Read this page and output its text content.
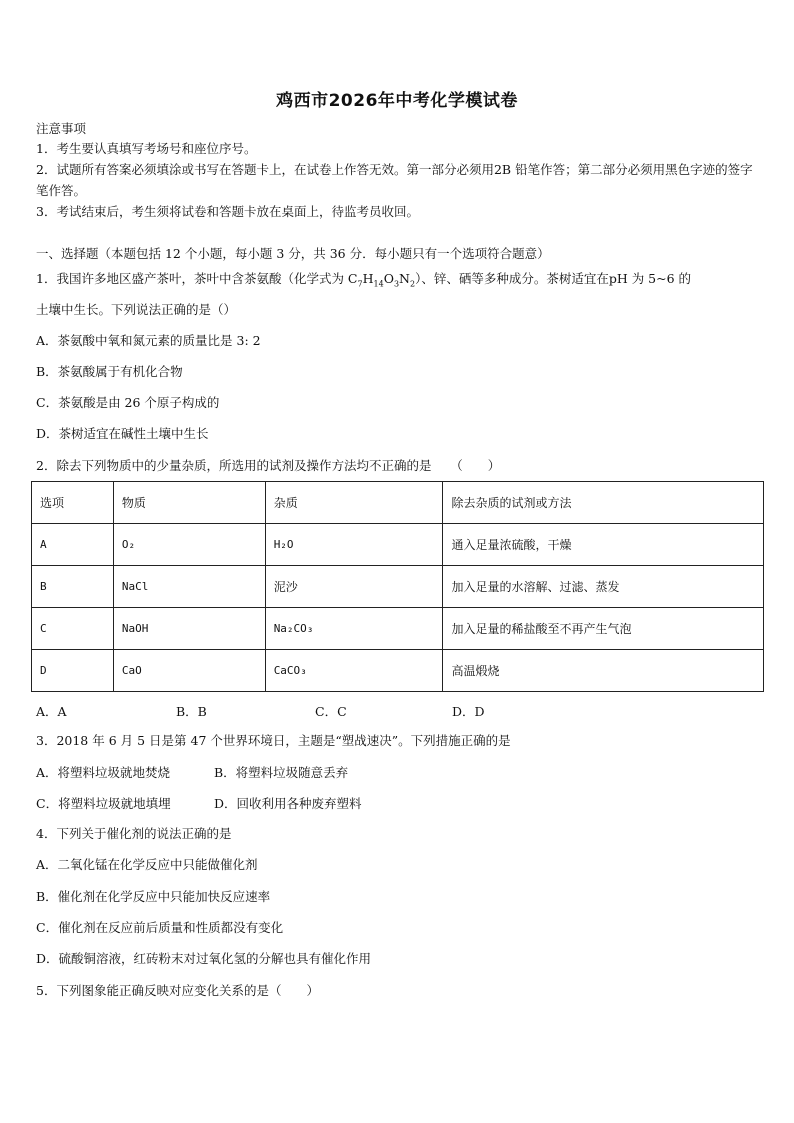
鸡西市2026年中考化学模试卷
注意事项
1．考生要认真填写考场号和座位序号。
2．试题所有答案必须填涂或书写在答题卡上，在试卷上作答无效。第一部分必须用2B 铅笔作答；第二部分必须用黑色字迹的签字笔作答。
3．考试结束后，考生须将试卷和答题卡放在桌面上，待监考员收回。
一、选择题（本题包括 12 个小题，每小题 3 分，共 36 分．每小题只有一个选项符合题意）
1．我国许多地区盛产茶叶，茶叶中含茶氨酸（化学式为 $C_7H_{14}O_3N_2$）、锌、硒等多种成分。茶树适宜在pH 为 5~6 的
土壤中生长。下列说法正确的是（）
A．茶氨酸中氧和氮元素的质量比是 3: 2
B．茶氨酸属于有机化合物
C．茶氨酸是由 26 个原子构成的
D．茶树适宜在碱性土壤中生长
2．除去下列物质中的少量杂质，所选用的试剂及操作方法均不正确的是　　（　　）
选项	物质	杂质	除去杂质的试剂或方法
A	O₂	H₂O	通入足量浓硫酸，干燥
B	NaCl	泥沙	加入足量的水溶解、过滤、蒸发
C	NaOH	Na₂CO₃	加入足量的稀盐酸至不再产生气泡
D	CaO	CaCO₃	高温煅烧
A．A	B．B	C．C	D．D
3．2018 年 6 月 5 日是第 47 个世界环境日，主题是“塑战速决”。下列措施正确的是
A．将塑料垃圾就地焚烧	B．将塑料垃圾随意丢弃
C．将塑料垃圾就地填埋	D．回收利用各种废弃塑料
4．下列关于催化剂的说法正确的是
A．二氧化锰在化学反应中只能做催化剂
B．催化剂在化学反应中只能加快反应速率
C．催化剂在反应前后质量和性质都没有变化
D．硫酸铜溶液，红砖粉末对过氧化氢的分解也具有催化作用
5．下列图象能正确反映对应变化关系的是（　　）
